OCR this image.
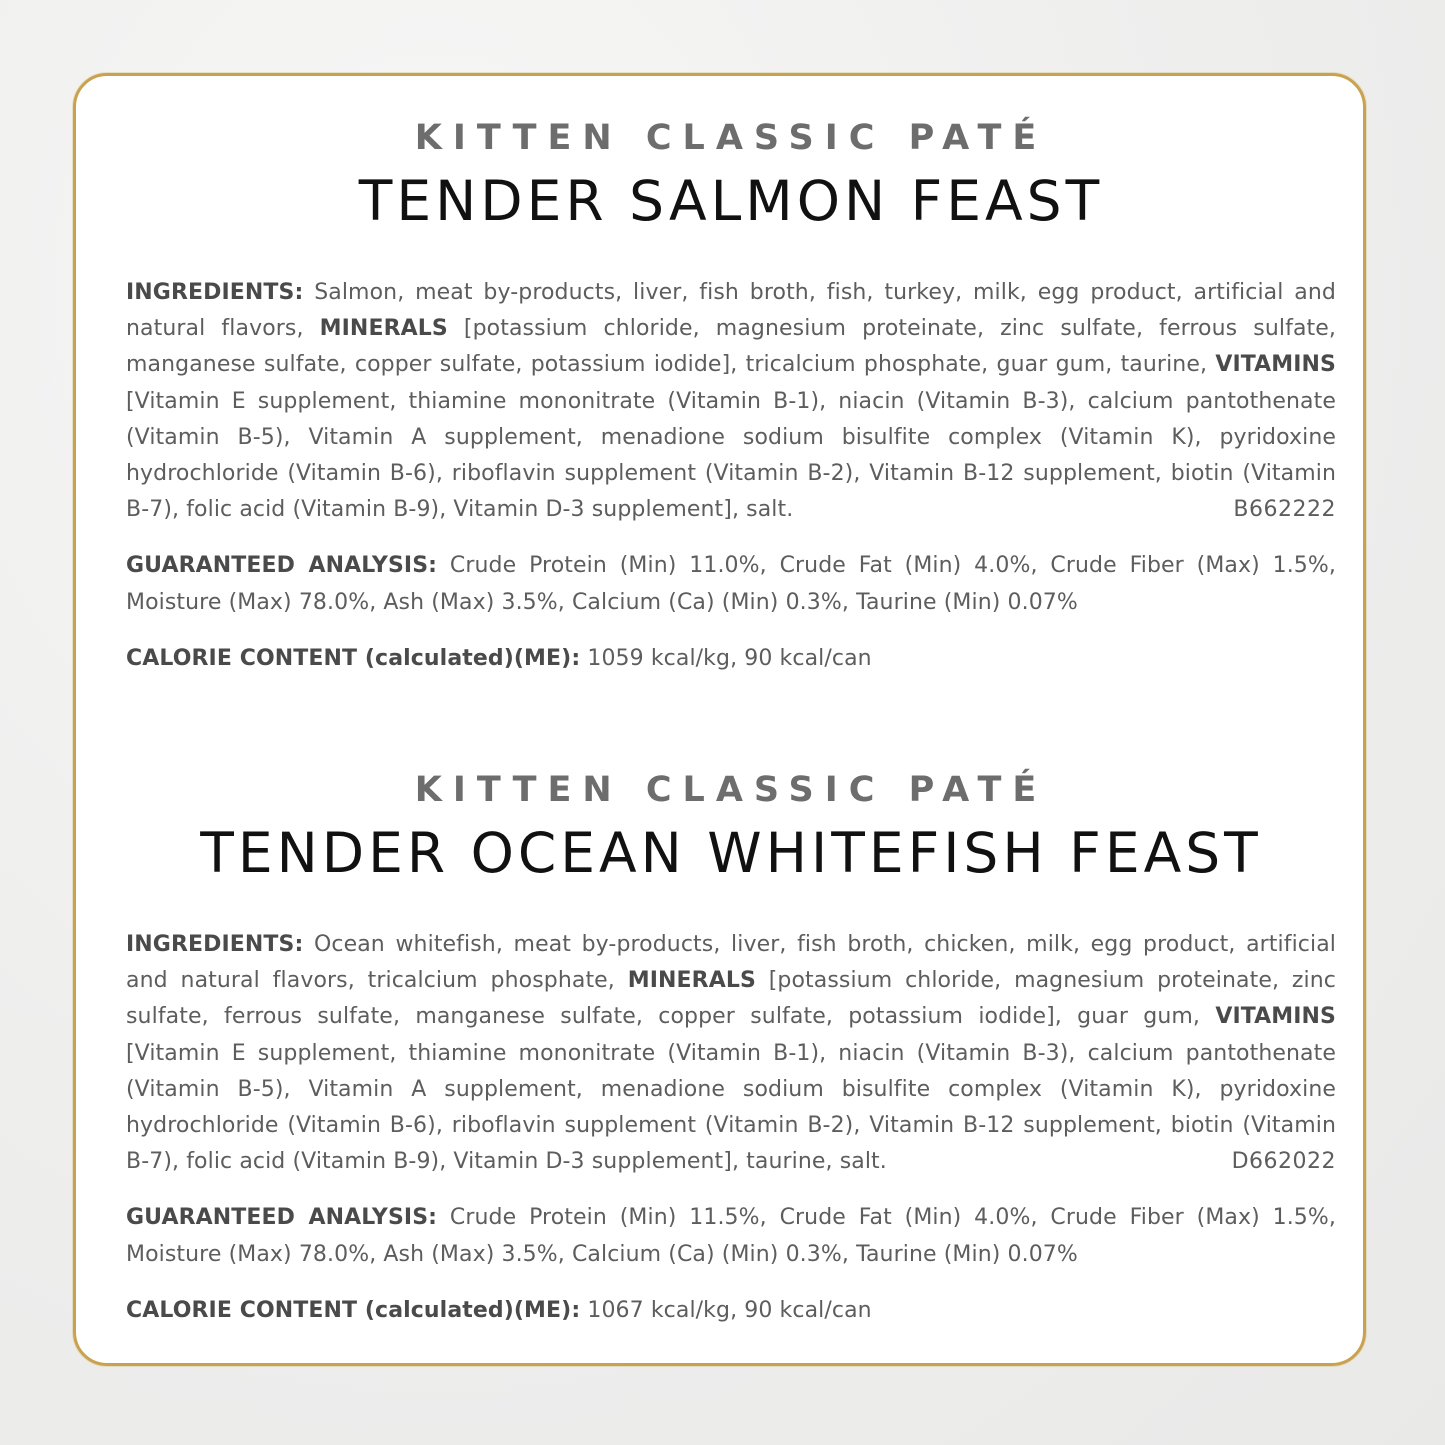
KITTEN CLASSIC PATÉ
TENDER SALMON FEAST
INGREDIENTS: Salmon, meat by-products, liver, fish broth, fish, turkey, milk, egg product, artificial and natural flavors, MINERALS [potassium chloride, magnesium proteinate, zinc sulfate, ferrous sulfate, manganese sulfate, copper sulfate, potassium iodide], tricalcium phosphate, guar gum, taurine, VITAMINS [Vitamin E supplement, thiamine mononitrate (Vitamin B-1), niacin (Vitamin B-3), calcium pantothenate (Vitamin B-5), Vitamin A supplement, menadione sodium bisulfite complex (Vitamin K), pyridoxine hydrochloride (Vitamin B-6), riboflavin supplement (Vitamin B-2), Vitamin B-12 supplement, biotin (Vitamin B-7), folic acid (Vitamin B-9), Vitamin D-3 supplement], salt.	B662222
GUARANTEED ANALYSIS: Crude Protein (Min) 11.0%, Crude Fat (Min) 4.0%, Crude Fiber (Max) 1.5%, Moisture (Max) 78.0%, Ash (Max) 3.5%, Calcium (Ca) (Min) 0.3%, Taurine (Min) 0.07%
CALORIE CONTENT (calculated)(ME): 1059 kcal/kg, 90 kcal/can
KITTEN CLASSIC PATÉ
TENDER OCEAN WHITEFISH FEAST
INGREDIENTS: Ocean whitefish, meat by-products, liver, fish broth, chicken, milk, egg product, artificial and natural flavors, tricalcium phosphate, MINERALS [potassium chloride, magnesium proteinate, zinc sulfate, ferrous sulfate, manganese sulfate, copper sulfate, potassium iodide], guar gum, VITAMINS [Vitamin E supplement, thiamine mononitrate (Vitamin B-1), niacin (Vitamin B-3), calcium pantothenate (Vitamin B-5), Vitamin A supplement, menadione sodium bisulfite complex (Vitamin K), pyridoxine hydrochloride (Vitamin B-6), riboflavin supplement (Vitamin B-2), Vitamin B-12 supplement, biotin (Vitamin B-7), folic acid (Vitamin B-9), Vitamin D-3 supplement], taurine, salt.	D662022
GUARANTEED ANALYSIS: Crude Protein (Min) 11.5%, Crude Fat (Min) 4.0%, Crude Fiber (Max) 1.5%, Moisture (Max) 78.0%, Ash (Max) 3.5%, Calcium (Ca) (Min) 0.3%, Taurine (Min) 0.07%
CALORIE CONTENT (calculated)(ME): 1067 kcal/kg, 90 kcal/can
